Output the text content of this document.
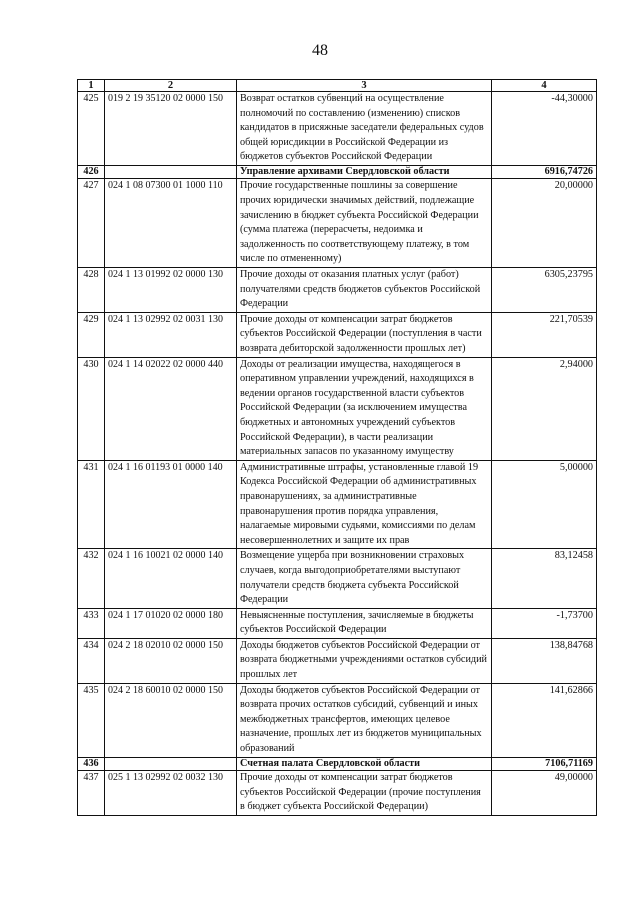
48
1	2	3	4
425	019 2 19 35120 02 0000 150	Возврат остатков субвенций на осуществление полномочий по составлению (изменению) списков кандидатов в присяжные заседатели федеральных судов общей юрисдикции в Российской Федерации из бюджетов субъектов Российской Федерации	-44,30000
426		Управление архивами Свердловской области	6916,74726
427	024 1 08 07300 01 1000 110	Прочие государственные пошлины за совершение прочих юридически значимых действий, подлежащие зачислению в бюджет субъекта Российской Федерации (сумма платежа (перерасчеты, недоимка и задолженность по соответствующему платежу, в том числе по отмененному)	20,00000
428	024 1 13 01992 02 0000 130	Прочие доходы от оказания платных услуг (работ) получателями средств бюджетов субъектов Российской Федерации	6305,23795
429	024 1 13 02992 02 0031 130	Прочие доходы от компенсации затрат бюджетов субъектов Российской Федерации (поступления в части возврата дебиторской задолженности прошлых лет)	221,70539
430	024 1 14 02022 02 0000 440	Доходы от реализации имущества, находящегося в оперативном управлении учреждений, находящихся в ведении органов государственной власти субъектов Российской Федерации (за исключением имущества бюджетных и автономных учреждений субъектов Российской Федерации), в части реализации материальных запасов по указанному имуществу	2,94000
431	024 1 16 01193 01 0000 140	Административные штрафы, установленные главой 19 Кодекса Российской Федерации об административных правонарушениях, за административные правонарушения против порядка управления, налагаемые мировыми судьями, комиссиями по делам несовершеннолетних и защите их прав	5,00000
432	024 1 16 10021 02 0000 140	Возмещение ущерба при возникновении страховых случаев, когда выгодоприобретателями выступают получатели средств бюджета субъекта Российской Федерации	83,12458
433	024 1 17 01020 02 0000 180	Невыясненные поступления, зачисляемые в бюджеты субъектов Российской Федерации	-1,73700
434	024 2 18 02010 02 0000 150	Доходы бюджетов субъектов Российской Федерации от возврата бюджетными учреждениями остатков субсидий прошлых лет	138,84768
435	024 2 18 60010 02 0000 150	Доходы бюджетов субъектов Российской Федерации от возврата прочих остатков субсидий, субвенций и иных межбюджетных трансфертов, имеющих целевое назначение, прошлых лет из бюджетов муниципальных образований	141,62866
436		Счетная палата Свердловской области	7106,71169
437	025 1 13 02992 02 0032 130	Прочие доходы от компенсации затрат бюджетов субъектов Российской Федерации (прочие поступления в бюджет субъекта Российской Федерации)	49,00000
